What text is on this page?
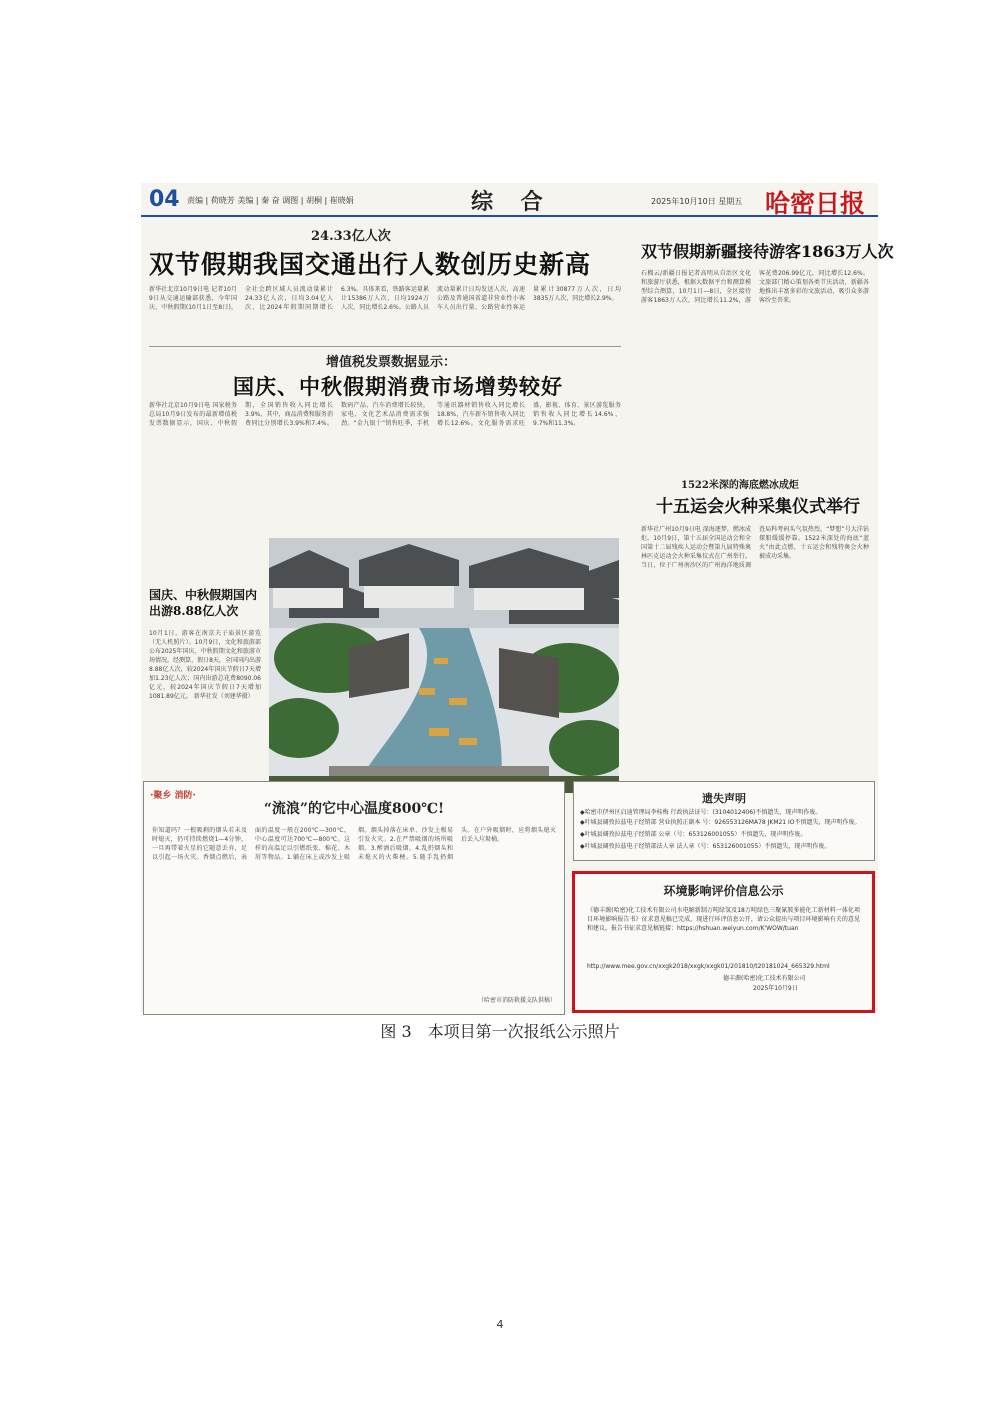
04 责编 | 荷晓芳 美编 | 秦 奋 调图 | 胡桐 | 崔晓娟	综 合	2025年10月10日 星期五 哈密日报
24.33亿人次
双节假期我国交通出行人数创历史新高
新华社北京10月9日电 记者10月9日从交通运输部获悉，今年国庆、中秋假期(10月1日至8日)，全社会跨区域人员流动量累计24.33亿人次，日均3.04亿人次，比2024年假期同期增长6.3%。具体来看，铁路客运量累计15386万人次，日均1924万人次，同比增长2.6%。公路人员流动量累计日均发送人次、高速公路及普通国省道非营业性小客车人员出行量、公路营业性客运量累计30877万人次，日均3835万人次，同比增长2.9%。
增值税发票数据显示：
国庆、中秋假期消费市场增势较好
新华社北京10月9日电 国家税务总局10月9日发布的最新增值税发票数据显示，国庆、中秋假期，全国销售收入同比增长3.9%，其中，商品消费和服务消费同比分别增长3.9%和7.4%。数码产品、汽车消费增长较快，家电、文化艺术品消费需求强劲。“金九银十”销售旺季，手机等通讯器材销售收入同比增长18.8%，汽车新车销售收入同比增长12.6%。文化服务需求旺盛，影视、体育、景区游览服务销售收入同比增长14.6%、9.7%和11.3%。
双节假期新疆接待游客1863万人次
石榴云/新疆日报记者高明从自治区文化和旅游厅获悉，根据大数据平台和测算模型综合测算，10月1日—8日，全区接待游客1863万人次，同比增长11.2%，游客花费206.99亿元，同比增长12.6%。文旅部门精心策划各类节庆活动，新疆各地推出丰富多彩的文旅活动，吸引众多游客纷至沓来。
1522米深的海底燃冰成炬
十五运会火种采集仪式举行
新华社广州10月9日电 深海逐梦，燃冰成炬。10月9日，第十五届全国运动会和全国第十二届残疾人运动会暨第九届特殊奥林匹克运动会火种采集仪式在广州举行。当日，位于广州南沙区的广州海洋地质调查局科考码头气氛热烈，“梦想”号大洋钻探船缓缓停靠。1522米深处的海底“蓝火”由此点燃，十五运会和残特奥会火种被成功采集。
国庆、中秋假期国内出游8.88亿人次
10月1日，游客在南京夫子庙景区游览（无人机照片）。10月9日，文化和旅游部公布2025年国庆、中秋假期文化和旅游市场情况。经测算，假日8天，全国国内出游8.88亿人次，较2024年国庆节假日7天增加1.23亿人次；国内出游总花费8090.06亿元，较2024年国庆节假日7天增加1081.89亿元。 新华社发（刘建华摄）
·聚乡 消防·
“流浪”的它中心温度800℃!
你知道吗？一根吸剩的烟头若未及时熄灭，仍可持续燃烧1—4分钟，一旦再带着火星的它随意丢弃，足以引起一场火灾。香烟点燃后，表面的温度一般在200℃—300℃，中心温度可达700℃—800℃。这样的高温足以引燃纸张、棉花、木屑等物品。1.躺在床上或沙发上吸烟。烟头掉落在床单、沙发上极易引发火灾。2.在严禁吸烟的场所吸烟。3.醉酒后吸烟。4.乱扔烟头和未熄灭的火柴梗。5.随手乱扔烟头。在户外吸烟时，应将烟头熄灭后丢入垃圾桶。
（哈密市消防救援支队供稿）
遗失声明
◆哈密市伊州区启迪管理局李桂梅 行政执法证号：(3104012406)不慎遗失，现声明作废。
◆叶城县阔孜拉兹电子经销部 营业执照正副本 号：926553126MA78 JKM21 IO不慎遗失，现声明作废。
◆叶城县阔孜拉兹电子经销部 公章（号：653126001055）不慎遗失，现声明作废。
◆叶城县阔孜拉兹电子经销部法人章 法人章（号：653126001055）不慎遗失，现声明作废。
环境影响评价信息公示
《德丰源(哈密)化工技术有限公司水电解新制万吨绿氢及18万吨绿色三聚氰胺多能化工新材料一体化项目环境影响报告书》征求意见稿已完成，现进行环评信息公开，请公众提出与项目环境影响有关的意见和建议。报告书征求意见稿链接：https://hshuan.weiyun.com/K'WOW/tuan
http://www.mee.gov.cn/xxgk2018/xxgk/xxgk01/201810/t20181024_665329.html
德丰源(哈密)化工技术有限公司
2025年10月9日
图 3　本项目第一次报纸公示照片
4
